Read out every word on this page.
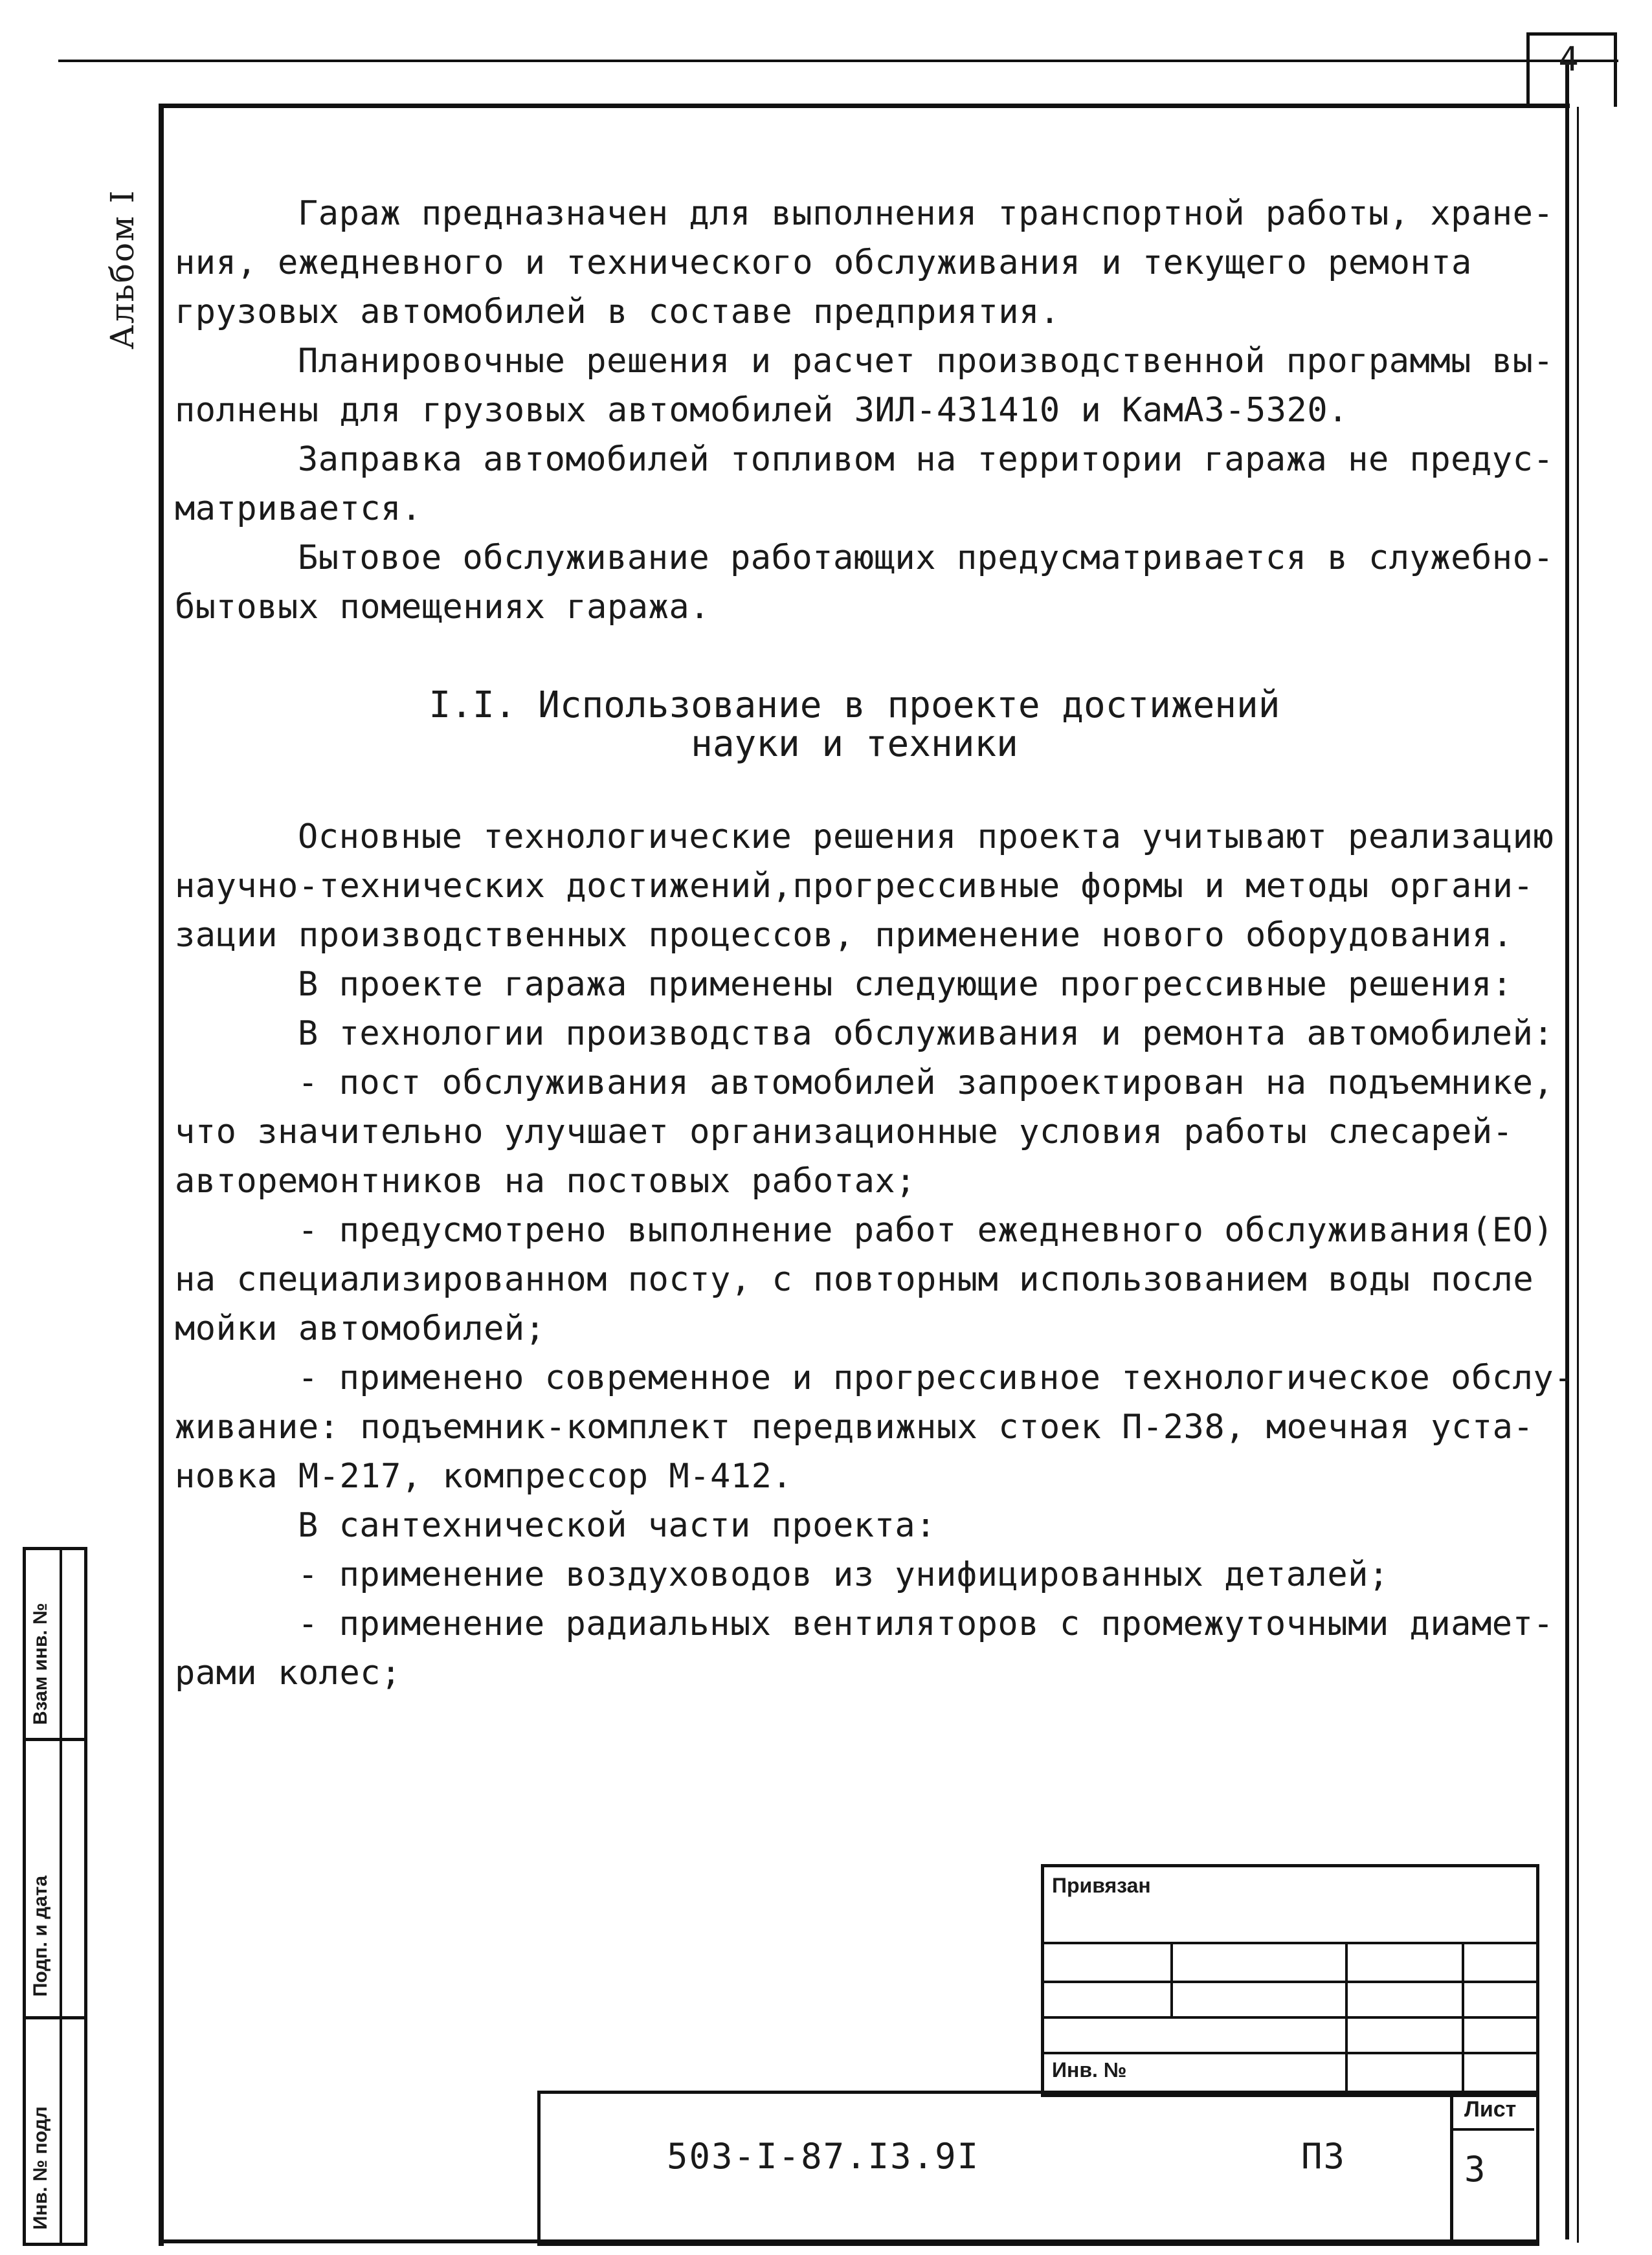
4
Альбом I	Гараж предназначен для выполнения транспортной работы, хране-

ния, ежедневного и технического обслуживания и текущего ремонта

грузовых автомобилей в составе предприятия.

Планировочные решения и расчет производственной программы вы-

полнены для грузовых автомобилей ЗИЛ-431410 и КамАЗ-5320.

Заправка автомобилей топливом на территории гаража не предус-

матривается.

Бытовое обслуживание работающих предусматривается в служебно-

бытовых помещениях гаража.

I.I. Использование в проекте достижений
науки и техники

Основные технологические решения проекта учитывают реализацию

научно-технических достижений,прогрессивные формы и методы органи-

зации производственных процессов, применение нового оборудования.

В проекте гаража применены следующие прогрессивные решения:

В технологии производства обслуживания и ремонта автомобилей:

- пост обслуживания автомобилей запроектирован на подъемнике,

что значительно улучшает организационные условия работы слесарей-

авторемонтников на постовых работах;

- предусмотрено выполнение работ ежедневного обслуживания(ЕО)

на специализированном посту, с повторным использованием воды после

мойки автомобилей;

- применено современное и прогрессивное технологическое обслу-

живание: подъемник-комплект передвижных стоек П-238, моечная уста-

новка М-217, компрессор М-412.

В сантехнической части проекта:

- применение воздуховодов из унифицированных деталей;

- применение радиальных вентиляторов с промежуточными диамет-

рами колес;

Взам инв. №
Подп. и дата
Инв. № подл
Привязан
Инв. №
Лист
3
503-I-87.I3.9I	ПЗ
